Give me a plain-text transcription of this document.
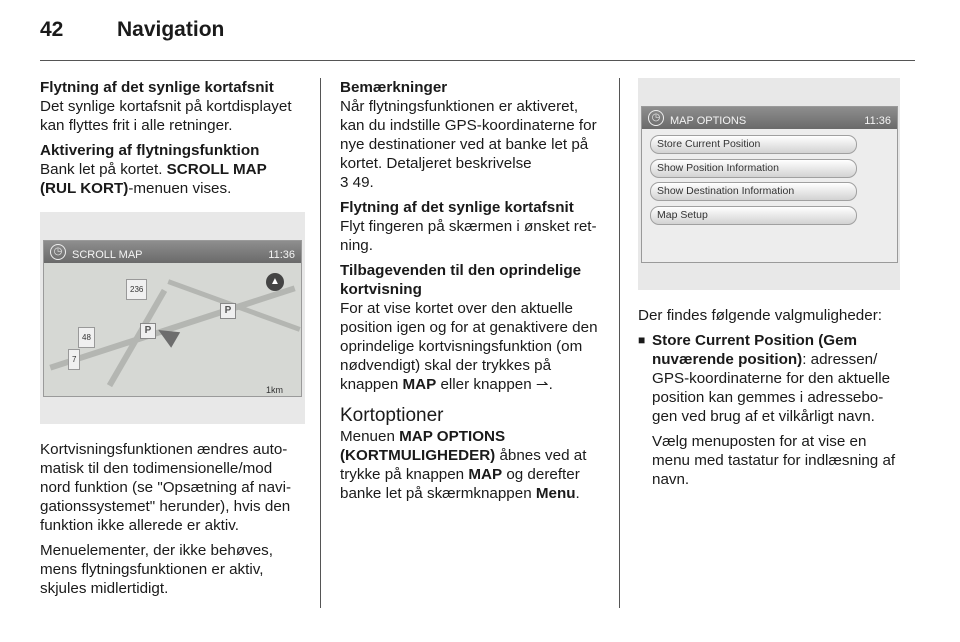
42	Navigation

Flytning af det synlige kortafsnit

Det synlige kortafsnit på kortdisplayet kan flyttes frit i alle retninger.

Aktivering af flytningsfunktion

Bank let på kortet. SCROLL MAP (RUL KORT)-menuen vises.

◷ SCROLL MAP	11:36
236
48
7
P
P
▲
1km

Kortvisningsfunktionen ændres auto-matisk til den todimensionelle/mod nord funktion (se "Opsætning af navi-gationssystemet" herunder), hvis den funktion ikke allerede er aktiv.

Menuelementer, der ikke behøves, mens flytningsfunktionen er aktiv, skjules midlertidigt.

Bemærkninger

Når flytningsfunktionen er aktiveret, kan du indstille GPS-koordinaterne for nye destinationer ved at banke let på kortet. Detaljeret beskrivelse
3 49.

Flytning af det synlige kortafsnit

Flyt fingeren på skærmen i ønsket ret-ning.

Tilbagevenden til den oprindelige kortvisning

For at vise kortet over den aktuelle position igen og for at genaktivere den oprindelige kortvisningsfunktion (om nødvendigt) skal der trykkes på knappen MAP eller knappen ⇀.

Kortoptioner

Menuen MAP OPTIONS (KORTMULIGHEDER) åbnes ved at trykke på knappen MAP og derefter banke let på skærmknappen Menu.

◷ MAP OPTIONS	11:36
Store Current Position
Show Position Information
Show Destination Information
Map Setup

Der findes følgende valgmuligheder:

■ Store Current Position (Gem nuværende position): adressen/ GPS-koordinaterne for den aktuelle position kan gemmes i adressebo-gen ved brug af et vilkårligt navn.

Vælg menuposten for at vise en menu med tastatur for indlæsning af navn.
